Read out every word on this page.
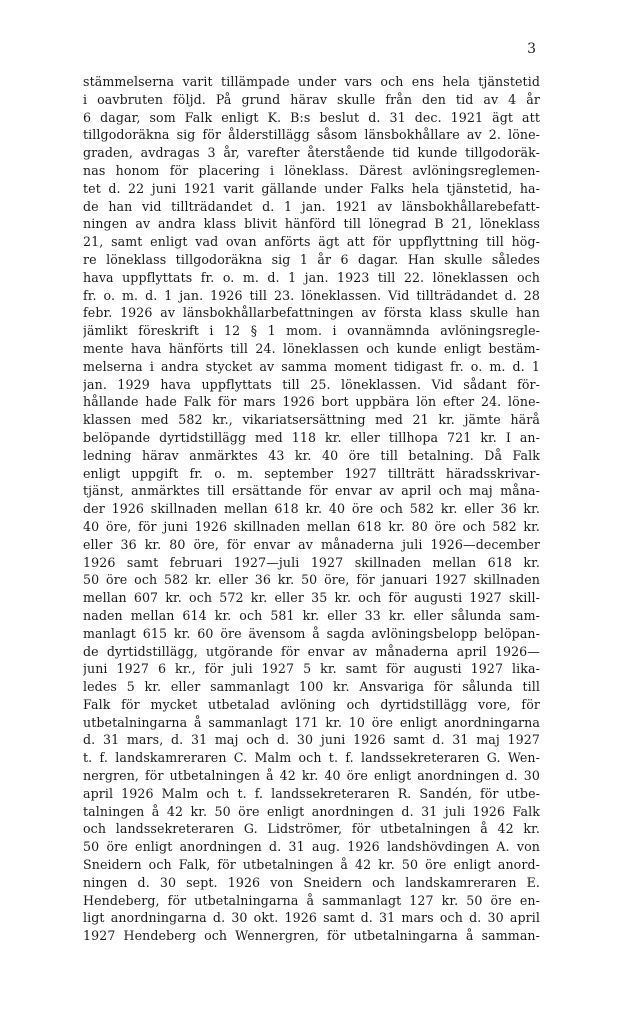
3
stämmelserna varit tillämpade under vars och ens hela tjänstetid
i oavbruten följd. På grund härav skulle från den tid av 4 år
6 dagar, som Falk enligt K. B:s beslut d. 31 dec. 1921 ägt att
tillgodoräkna sig för ålderstillägg såsom länsbokhållare av 2. löne-
graden, avdragas 3 år, varefter återstående tid kunde tillgodoräk-
nas honom för placering i löneklass. Därest avlöningsreglemen-
tet d. 22 juni 1921 varit gällande under Falks hela tjänstetid, ha-
de han vid tillträdandet d. 1 jan. 1921 av länsbokhållarebefatt-
ningen av andra klass blivit hänförd till lönegrad B 21, löneklass
21, samt enligt vad ovan anförts ägt att för uppflyttning till hög-
re löneklass tillgodoräkna sig 1 år 6 dagar. Han skulle således
hava uppflyttats fr. o. m. d. 1 jan. 1923 till 22. löneklassen och
fr. o. m. d. 1 jan. 1926 till 23. löneklassen. Vid tillträdandet d. 28
febr. 1926 av länsbokhållarbefattningen av första klass skulle han
jämlikt föreskrift i 12 § 1 mom. i ovannämnda avlöningsregle-
mente hava hänförts till 24. löneklassen och kunde enligt bestäm-
melserna i andra stycket av samma moment tidigast fr. o. m. d. 1
jan. 1929 hava uppflyttats till 25. löneklassen. Vid sådant för-
hållande hade Falk för mars 1926 bort uppbära lön efter 24. löne-
klassen med 582 kr., vikariatsersättning med 21 kr. jämte härå
belöpande dyrtidstillägg med 118 kr. eller tillhopa 721 kr. I an-
ledning härav anmärktes 43 kr. 40 öre till betalning. Då Falk
enligt uppgift fr. o. m. september 1927 tillträtt häradsskrivar-
tjänst, anmärktes till ersättande för envar av april och maj måna-
der 1926 skillnaden mellan 618 kr. 40 öre och 582 kr. eller 36 kr.
40 öre, för juni 1926 skillnaden mellan 618 kr. 80 öre och 582 kr.
eller 36 kr. 80 öre, för envar av månaderna juli 1926—december
1926 samt februari 1927—juli 1927 skillnaden mellan 618 kr.
50 öre och 582 kr. eller 36 kr. 50 öre, för januari 1927 skillnaden
mellan 607 kr. och 572 kr. eller 35 kr. och för augusti 1927 skill-
naden mellan 614 kr. och 581 kr. eller 33 kr. eller sålunda sam-
manlagt 615 kr. 60 öre ävensom å sagda avlöningsbelopp belöpan-
de dyrtidstillägg, utgörande för envar av månaderna april 1926—
juni 1927 6 kr., för juli 1927 5 kr. samt för augusti 1927 lika-
ledes 5 kr. eller sammanlagt 100 kr. Ansvariga för sålunda till
Falk för mycket utbetalad avlöning och dyrtidstillägg vore, för
utbetalningarna å sammanlagt 171 kr. 10 öre enligt anordningarna
d. 31 mars, d. 31 maj och d. 30 juni 1926 samt d. 31 maj 1927
t. f. landskamreraren C. Malm och t. f. landssekreteraren G. Wen-
nergren, för utbetalningen å 42 kr. 40 öre enligt anordningen d. 30
april 1926 Malm och t. f. landssekreteraren R. Sandén, för utbe-
talningen å 42 kr. 50 öre enligt anordningen d. 31 juli 1926 Falk
och landssekreteraren G. Lidströmer, för utbetalningen å 42 kr.
50 öre enligt anordningen d. 31 aug. 1926 landshövdingen A. von
Sneidern och Falk, för utbetalningen å 42 kr. 50 öre enligt anord-
ningen d. 30 sept. 1926 von Sneidern och landskamreraren E.
Hendeberg, för utbetalningarna å sammanlagt 127 kr. 50 öre en-
ligt anordningarna d. 30 okt. 1926 samt d. 31 mars och d. 30 april
1927 Hendeberg och Wennergren, för utbetalningarna å samman-
